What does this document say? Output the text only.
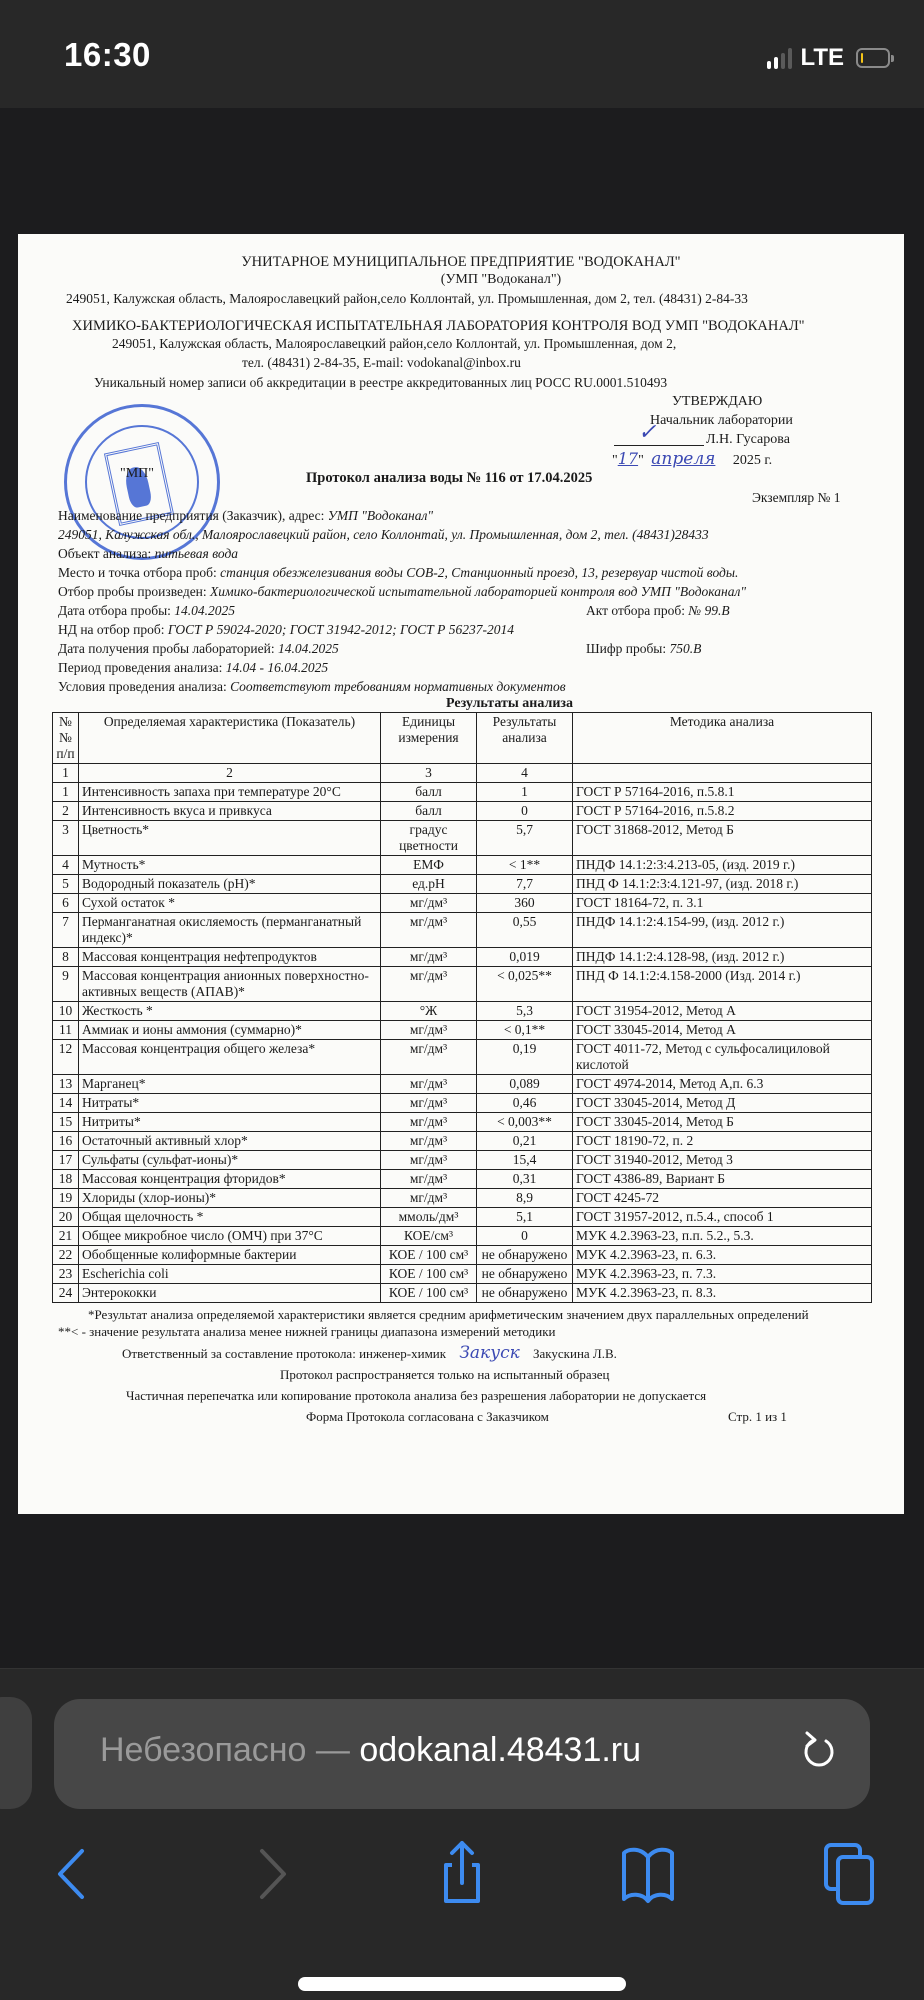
16:30	LTE
УНИТАРНОЕ МУНИЦИПАЛЬНОЕ ПРЕДПРИЯТИЕ "ВОДОКАНАЛ"
(УМП "Водоканал")
249051, Калужская область, Малоярославецкий район,село Коллонтай, ул. Промышленная, дом 2, тел. (48431) 2-84-33
ХИМИКО-БАКТЕРИОЛОГИЧЕСКАЯ ИСПЫТАТЕЛЬНАЯ ЛАБОРАТОРИЯ КОНТРОЛЯ ВОД УМП "ВОДОКАНАЛ"
249051, Калужская область, Малоярославецкий район,село Коллонтай, ул. Промышленная, дом 2,
тел. (48431) 2-84-35, E-mail: vodokanal@inbox.ru
Уникальный номер записи об аккредитации в реестре аккредитованных лиц РОСС RU.0001.510493
"МП"
УТВЕРЖДАЮ
Начальник лаборатории
✓	Л.Н. Гусарова
"17" апреля 2025 г.
Протокол анализа воды № 116 от 17.04.2025
Экземпляр № 1
Наименование предприятия (Заказчик), адрес: УМП "Водоканал"
249051, Калужская обл., Малоярославецкий район, село Коллонтай, ул. Промышленная, дом 2, тел. (48431)28433
Объект анализа: питьевая вода
Место и точка отбора проб: станция обезжелезивания воды СОВ-2, Станционный проезд, 13, резервуар чистой воды.
Отбор пробы произведен: Химико-бактериологической испытательной лабораторией контроля вод УМП "Водоканал"
Дата отбора пробы: 14.04.2025	Акт отбора проб: № 99.В
НД на отбор проб: ГОСТ Р 59024-2020; ГОСТ 31942-2012; ГОСТ Р 56237-2014
Дата получения пробы лабораторией: 14.04.2025	Шифр пробы: 750.В
Период проведения анализа: 14.04 - 16.04.2025
Условия проведения анализа: Соответствуют требованиям нормативных документов
Результаты анализа
№№ п/п	Определяемая характеристика (Показатель)	Единицы измерения	Результаты анализа	Методика анализа
1	2	3	4	
1	Интенсивность запаха при температуре 20°С	балл	1	ГОСТ Р 57164-2016, п.5.8.1
2	Интенсивность вкуса и привкуса	балл	0	ГОСТ Р 57164-2016, п.5.8.2
3	Цветность*	градус цветности	5,7	ГОСТ 31868-2012, Метод Б
4	Мутность*	ЕМФ	< 1**	ПНДФ 14.1:2:3:4.213-05, (изд. 2019 г.)
5	Водородный показатель (рН)*	ед.рН	7,7	ПНД Ф 14.1:2:3:4.121-97, (изд. 2018 г.)
6	Сухой остаток *	мг/дм³	360	ГОСТ 18164-72, п. 3.1
7	Перманганатная окисляемость (перманганатный индекс)*	мг/дм³	0,55	ПНДФ 14.1:2:4.154-99, (изд. 2012 г.)
8	Массовая концентрация нефтепродуктов	мг/дм³	0,019	ПНДФ 14.1:2:4.128-98, (изд. 2012 г.)
9	Массовая концентрация анионных поверхностно-активных веществ (АПАВ)*	мг/дм³	< 0,025**	ПНД Ф 14.1:2:4.158-2000 (Изд. 2014 г.)
10	Жесткость *	°Ж	5,3	ГОСТ 31954-2012, Метод А
11	Аммиак и ионы аммония (суммарно)*	мг/дм³	< 0,1**	ГОСТ 33045-2014, Метод А
12	Массовая концентрация общего железа*	мг/дм³	0,19	ГОСТ 4011-72, Метод с сульфосалициловой кислотой
13	Марганец*	мг/дм³	0,089	ГОСТ 4974-2014, Метод А,п. 6.3
14	Нитраты*	мг/дм³	0,46	ГОСТ 33045-2014, Метод Д
15	Нитриты*	мг/дм³	< 0,003**	ГОСТ 33045-2014, Метод Б
16	Остаточный активный хлор*	мг/дм³	0,21	ГОСТ 18190-72, п. 2
17	Сульфаты (сульфат-ионы)*	мг/дм³	15,4	ГОСТ 31940-2012, Метод 3
18	Массовая концентрация фторидов*	мг/дм³	0,31	ГОСТ 4386-89, Вариант Б
19	Хлориды (хлор-ионы)*	мг/дм³	8,9	ГОСТ 4245-72
20	Общая щелочность *	ммоль/дм³	5,1	ГОСТ 31957-2012, п.5.4., способ 1
21	Общее микробное число (ОМЧ) при 37°С	КОЕ/см³	0	МУК 4.2.3963-23, п.п. 5.2., 5.3.
22	Обобщенные колиформные бактерии	КОЕ / 100 см³	не обнаружено	МУК 4.2.3963-23, п. 6.3.
23	Escherichia coli	КОЕ / 100 см³	не обнаружено	МУК 4.2.3963-23, п. 7.3.
24	Энтерококки	КОЕ / 100 см³	не обнаружено	МУК 4.2.3963-23, п. 8.3.
*Результат анализа определяемой характеристики является средним арифметическим значением двух параллельных определений
**< - значение результата анализа менее нижней границы диапазона измерений методики
Ответственный за составление протокола: инженер-химик Закуск Закускина Л.В.
Протокол распространяется только на испытанный образец
Частичная перепечатка или копирование протокола анализа без разрешения лаборатории не допускается
Форма Протокола согласована с Заказчиком	Стр. 1 из 1
Небезопасно — odokanal.48431.ru
